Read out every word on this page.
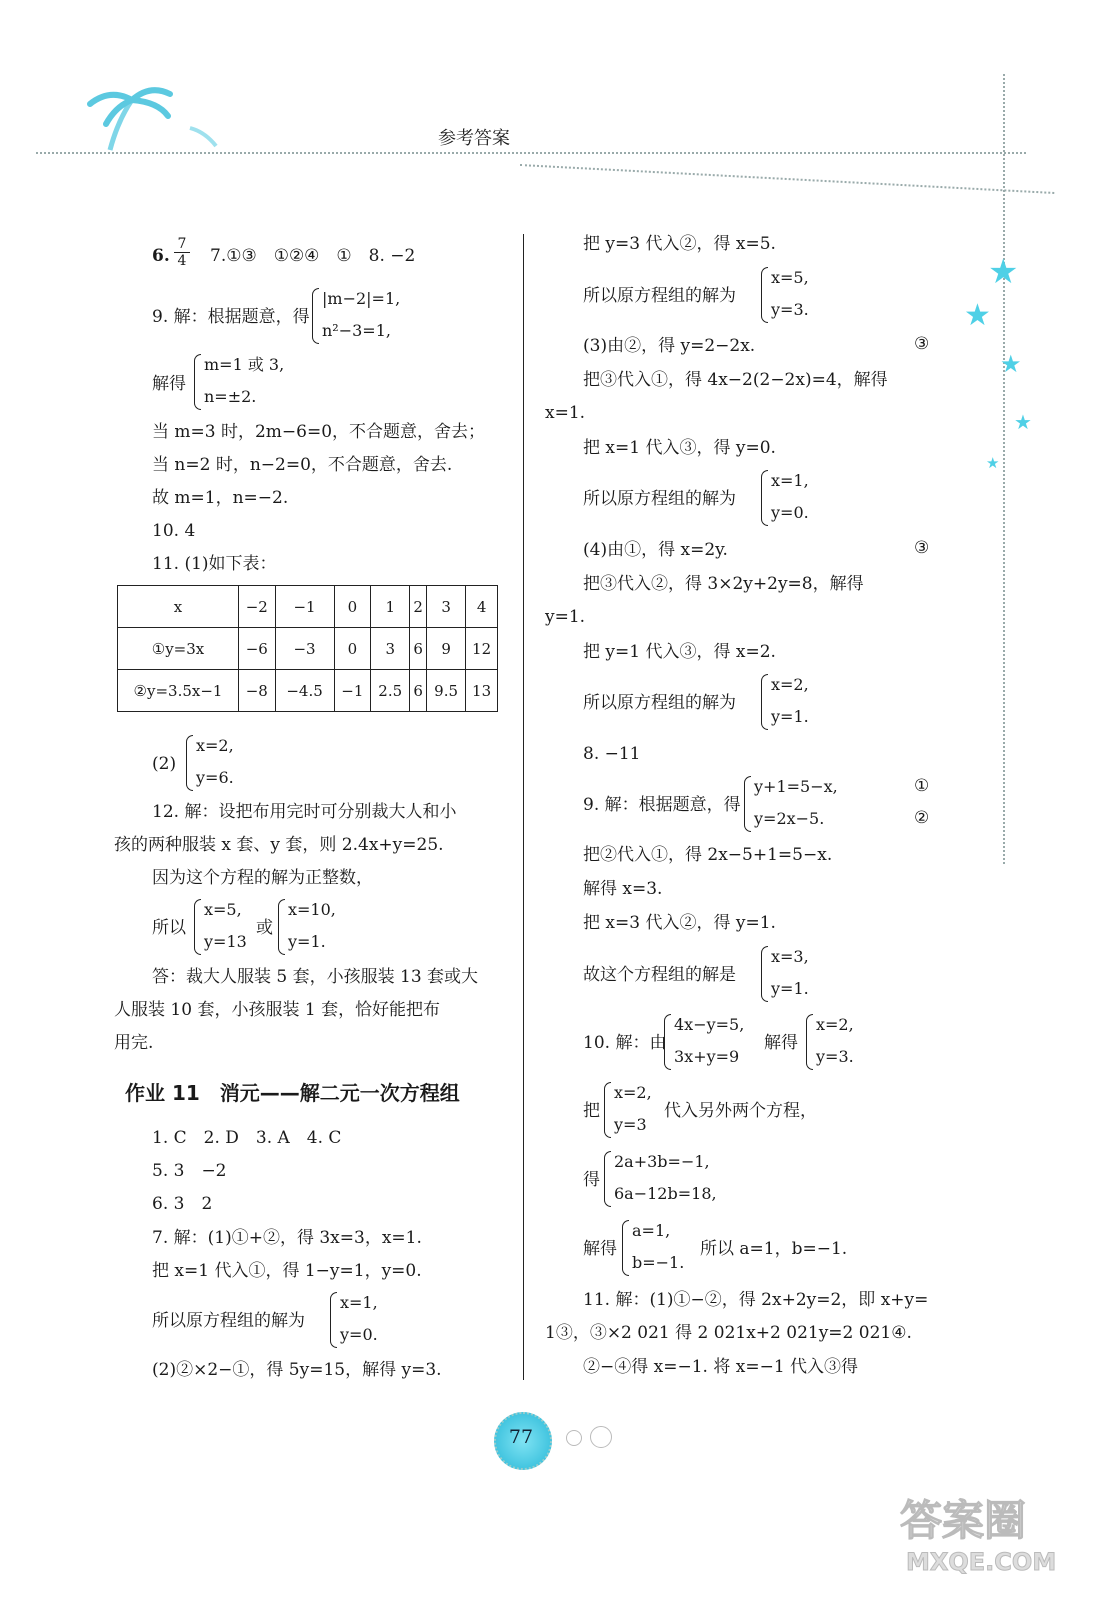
参考答案
★
★
★
★
★
6. $\frac{7}{4}$ 7.①③　①②④　①　8. −2
9. 解：根据题意，得
|m−2|=1,
n²−3=1,
解得
m=1 或 3,
n=±2.
当 m=3 时，2m−6=0，不合题意，舍去；
当 n=2 时，n−2=0，不合题意，舍去.
故 m=1，n=−2.
10. 4
11. (1)如下表：
x	−2	−1	0	1	2	3	4
①y=3x	−6	−3	0	3	6	9	12
②y=3.5x−1	−8	−4.5	−1	2.5	6	9.5	13
(2)
x=2,
y=6.
12. 解：设把布用完时可分别裁大人和小
孩的两种服装 x 套、y 套，则 2.4x+y=25.
因为这个方程的解为正整数，
所以
x=5,
y=13
或
x=10,
y=1.
答：裁大人服装 5 套，小孩服装 13 套或大
人服装 10 套，小孩服装 1 套，恰好能把布
用完.
作业 11　消元——解二元一次方程组
1. C　2. D　3. A　4. C
5. 3　−2
6. 3　2
7. 解：(1)①+②，得 3x=3，x=1.
把 x=1 代入①，得 1−y=1，y=0.
所以原方程组的解为
x=1,
y=0.
(2)②×2−①，得 5y=15，解得 y=3.
把 y=3 代入②，得 x=5.
所以原方程组的解为
x=5,
y=3.
(3)由②，得 y=2−2x.	③
把③代入①，得 4x−2(2−2x)=4，解得
x=1.
把 x=1 代入③，得 y=0.
所以原方程组的解为
x=1,
y=0.
(4)由①，得 x=2y.	③
把③代入②，得 3×2y+2y=8，解得
y=1.
把 y=1 代入③，得 x=2.
所以原方程组的解为
x=2,
y=1.
8. −11
9. 解：根据题意，得
y+1=5−x,
y=2x−5.
①
②
把②代入①，得 2x−5+1=5−x.
解得 x=3.
把 x=3 代入②，得 y=1.
故这个方程组的解是
x=3,
y=1.
10. 解：由
4x−y=5,
3x+y=9
解得
x=2,
y=3.
把
x=2,
y=3
代入另外两个方程，
得
2a+3b=−1,
6a−12b=18,
解得
a=1,
b=−1.
所以 a=1，b=−1.
11. 解：(1)①−②，得 2x+2y=2，即 x+y=
1③，③×2 021 得 2 021x+2 021y=2 021④.
②−④得 x=−1. 将 x=−1 代入③得
77
答案圈
MXQE.COM
